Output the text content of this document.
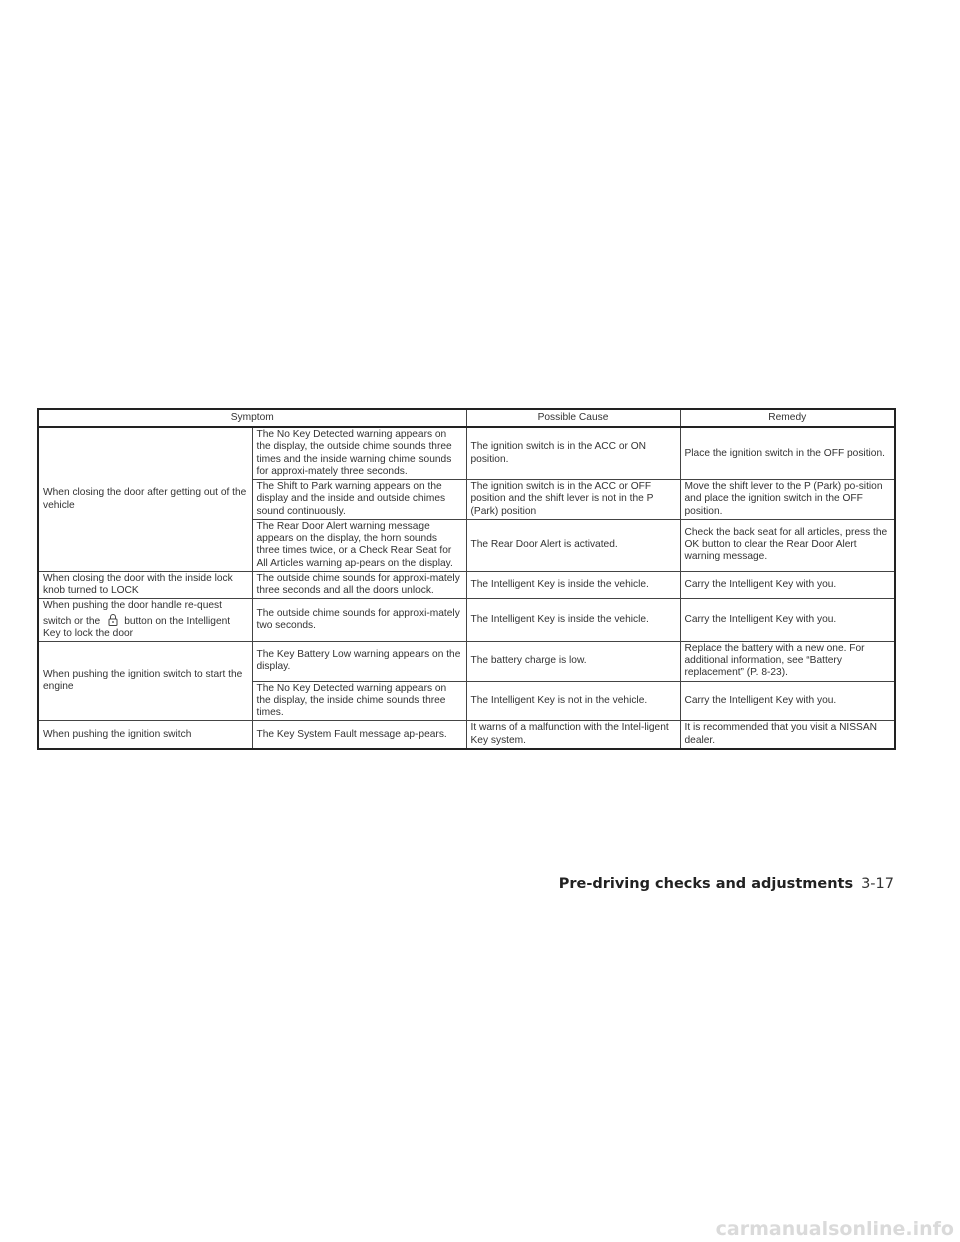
Symptom		Possible Cause	Remedy
When closing the door after getting out of the vehicle	The No Key Detected warning appears on the display, the outside chime sounds three times and the inside warning chime sounds for approxi-mately three seconds.	The ignition switch is in the ACC or ON position.	Place the ignition switch in the OFF position.
	The Shift to Park warning appears on the display and the inside and outside chimes sound continuously.	The ignition switch is in the ACC or OFF position and the shift lever is not in the P (Park) position	Move the shift lever to the P (Park) po-sition and place the ignition switch in the OFF position.
	The Rear Door Alert warning message appears on the display, the horn sounds three times twice, or a Check Rear Seat for All Articles warning ap-pears on the display.	The Rear Door Alert is activated.	Check the back seat for all articles, press the OK button to clear the Rear Door Alert warning message.
When closing the door with the inside lock knob turned to LOCK	The outside chime sounds for approxi-mately three seconds and all the doors unlock.	The Intelligent Key is inside the vehicle.	Carry the Intelligent Key with you.
When pushing the door handle re-quest switch or the button on the Intelligent Key to lock the door	The outside chime sounds for approxi-mately two seconds.	The Intelligent Key is inside the vehicle.	Carry the Intelligent Key with you.
When pushing the ignition switch to start the engine	The Key Battery Low warning appears on the display.	The battery charge is low.	Replace the battery with a new one. For additional information, see “Battery replacement” (P. 8-23).
	The No Key Detected warning appears on the display, the inside chime sounds three times.	The Intelligent Key is not in the vehicle.	Carry the Intelligent Key with you.
When pushing the ignition switch	The Key System Fault message ap-pears.	It warns of a malfunction with the Intel-ligent Key system.	It is recommended that you visit a NISSAN dealer.
Pre-driving checks and adjustments 3-17
carmanualsonline.info
